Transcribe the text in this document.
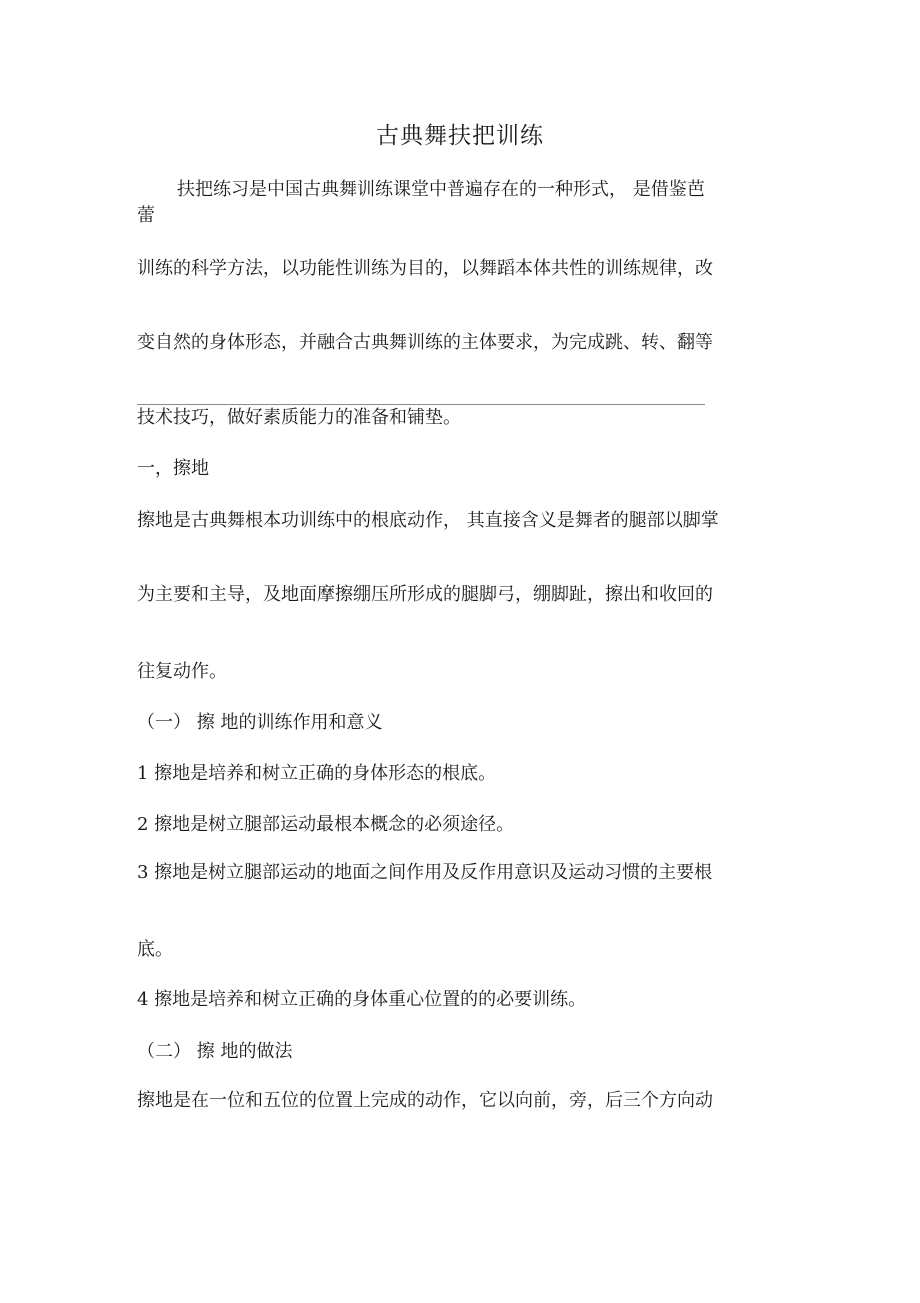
古典舞扶把训练

扶把练习是中国古典舞训练课堂中普遍存在的一种形式， 是借鉴芭蕾

训练的科学方法，以功能性训练为目的，以舞蹈本体共性的训练规律，改

变自然的身体形态，并融合古典舞训练的主体要求，为完成跳、转、翻等

技术技巧，做好素质能力的准备和铺垫。

一，擦地

擦地是古典舞根本功训练中的根底动作， 其直接含义是舞者的腿部以脚掌

为主要和主导，及地面摩擦绷压所形成的腿脚弓，绷脚趾，擦出和收回的

往复动作。

（一） 擦 地的训练作用和意义

1 擦地是培养和树立正确的身体形态的根底。

2 擦地是树立腿部运动最根本概念的必须途径。

3 擦地是树立腿部运动的地面之间作用及反作用意识及运动习惯的主要根

底。

4 擦地是培养和树立正确的身体重心位置的的必要训练。

（二） 擦 地的做法

擦地是在一位和五位的位置上完成的动作，它以向前，旁，后三个方向动
